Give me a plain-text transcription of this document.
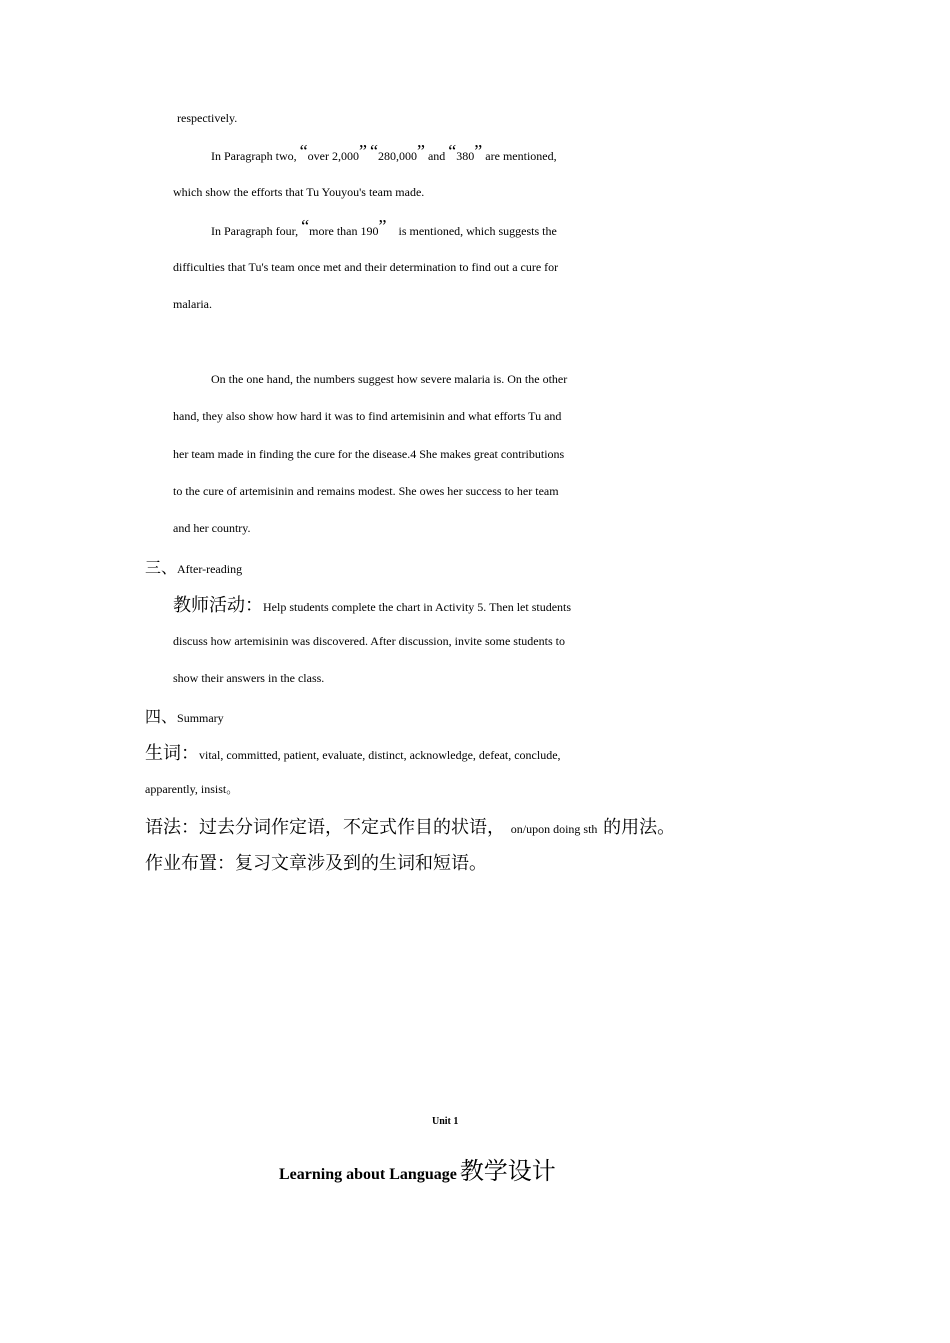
respectively.
In Paragraph two, “over 2,000” “280,000” and “380” are mentioned,
which show the efforts that Tu Youyou's team made.
In Paragraph four, “more than 190” is mentioned, which suggests the
difficulties that Tu's team once met and their determination to find out a cure for
malaria.
On the one hand, the numbers suggest how severe malaria is. On the other
hand, they also show how hard it was to find artemisinin and what efforts Tu and
her team made in finding the cure for the disease.4 She makes great contributions
to the cure of artemisinin and remains modest. She owes her success to her team
and her country.
三、After-reading
教师活动：Help students complete the chart in Activity 5. Then let students
discuss how artemisinin was discovered. After discussion, invite some students to
show their answers in the class.
四、Summary
生词：vital, committed, patient, evaluate, distinct, acknowledge, defeat, conclude,
apparently, insist。
语法：过去分词作定语，不定式作目的状语， on/upon doing sth 的用法。
作业布置：复习文章涉及到的生词和短语。
Unit 1
Learning about Language 教学设计
